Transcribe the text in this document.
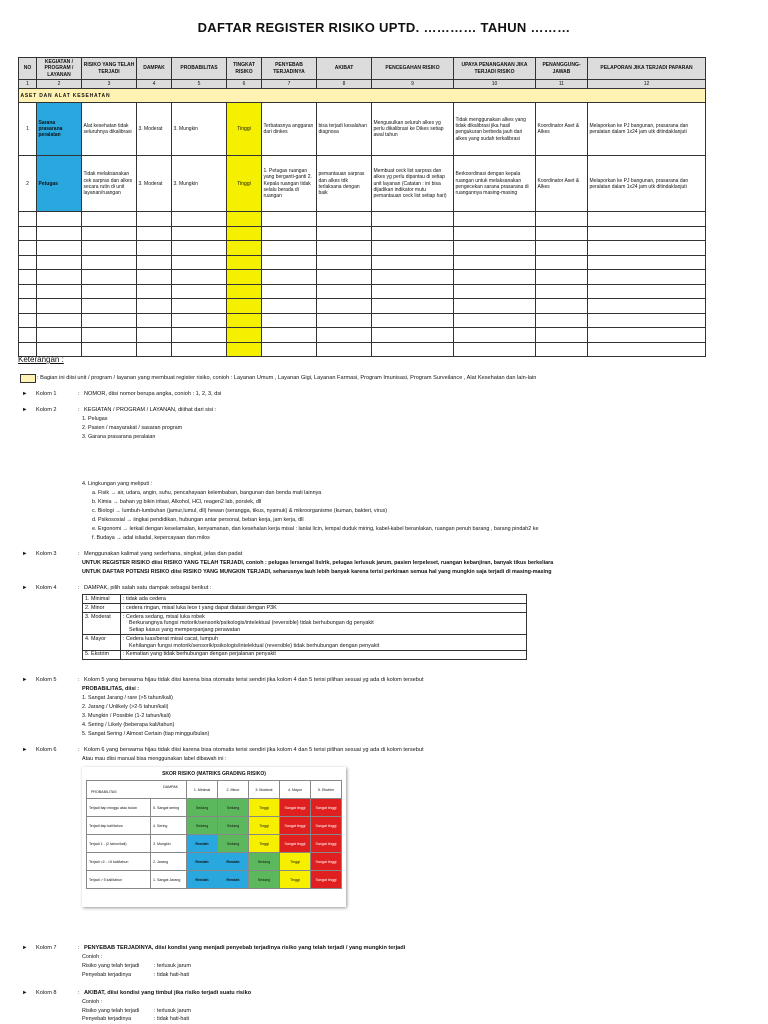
DAFTAR REGISTER RISIKO UPTD. ………… TAHUN ………
NO	KEGIATAN / PROGRAM / LAYANAN	RISIKO YANG TELAH TERJADI	DAMPAK	PROBABILITAS	TINGKAT RISIKO	PENYEBAB TERJADINYA	AKIBAT	PENCEGAHAN RISIKO	UPAYA PENANGANAN JIKA TERJADI RISIKO	PENANGGUNG-JAWAB	PELAPORAN JIKA TERJADI PAPARAN
1	2	3	4	5	6	7	8	9	10	11	12
ASET DAN ALAT KESEHATAN											
1	Sarana prasarana peralatan	Alat kesehatan tidak seluruhnya dikalibrasi	3. Moderat	3. Mungkin	Tinggi	Terbatasnya anggaran dari dinkes	bisa terjadi kesalahan diagnosa	Mengusulkan seluruh alkes yg perlu dikalibrasi ke Dikes setiap awal tahun	Tidak menggunakan alkes yang tidak dikalibrasi jika hasil pengukuran berbeda jauh dari alkes yang sudah terkalibrasi	Koordinator Aset & Alkes	Melaporkan ke PJ bangunan, prasarana dan peralatan dalam 1x24 jam utk ditindaklanjuti
2	Petugas	Tidak melaksanakan cek sarpras dan alkes secara rutin di unit layanan/ruangan	3. Moderat	3. Mungkin	Tinggi	1. Petugas ruangan yang berganti-ganti 2. Kepala ruangan tidak selalu berada di ruangan	pemantauan sarpras dan alkes tdk terlaksana dengan baik	Membuat ceck list sarpras dan alkes yg perlu dipantau di setiap unit layanan (Catatan : ini bisa dijadikan indikator mutu pemantauan ceck list setiap hari)	Berkoordinasi dengan kepala ruangan untuk melaksanakan pengecekan sarana prasarana di ruangannya masing-masing	Koordinator Aset & Alkes	Melaporkan ke PJ bangunan, prasarana dan peralatan dalam 1x24 jam utk ditindaklanjuti

Keterangan :
: Bagian ini diisi unit / program / layanan yang membuat register risiko, conioh : Layanan Umum , Layanan Gigi, Layanan Farmasi, Program Imunisasi, Program Surveilance , Alat Kesehatan dan lain-lain
► Kolom 1	: NOMOR, diisi nomor berupa angka, conioh : 1, 2, 3, dsi
► Kolom 2	: KEGIATAN / PROGRAM / LAYANAN, diiihat dari sisi :
1. Pelugas
2. Pasien / masyarakat / sasaran program
3. Garana prasarana peralaian
4. Lingkungan yang meliputi :
a. Fisik → air, udara, angin, suhu, pencahayaan kelembaban, bangunan dan benda mati lainnya
b. Kimia → bahan yg bikin iritasi, Alkohol, HCl, reagen2 lab, porslek, dll
c. Biologi → lumbuh-lumbuhan (jamur,lumul, dll) hewan (serangga, tikus, nyamuk) & mikroorganisme (kuman, bakteri, virus)
d. Psikososial → iingkai pendidikan, hubungan antar personal, beban kerja, jam kerja, dll
e. Ergonomi → lerkail dengan keselamalan, kenyamanan, dan kesehalan kerja misal : lanlai licin, lempal duduk miring, kabel-kabel beranlakan, ruangan penuh barang , barang pindah2 ke
f. Budaya → adal isliadal, kepercayaan dan milos
► Kolom 3	: Menggunakan kalimat yang sederhana, singkat, jelas dan padat
UNTUK REGISTER RISIKO diisi RISIKO YANG TELAH TERJADI, conioh : pelugas lersengal lislrik, pelugas lerlusuk jarum, pasien lerpeleset, ruangan kebanjiran, banyak tikus berkeliara
UNTUK DAFTAR POTENSI RISIKO diisi RISIKO YANG MUNGKIN TERJADI, seharusnya lauh lebih banyak karena terisi perkiraan semua hal yang mungkin saja terjadi di masing-masing
► Kolom 4	: DAMPAK, pilih salah satu dampak sebagai berikut :
1. Minimal	: tidak ada cedera
2. Minor	: cedera ringan, misal luka lece t yang dapat diatasi dengan P3K
3. Moderat	: Cedera sedang, misal luka robek
Berkurangnya fungsi motorik/sensorik/psikologis/intelektual (reversible) tidak berhubungan dg penyakit
Setiap kasus yang memperpanjang perawatan

4. Mayor	: Cedera luas/berat misal cacat, lumpuh
Kehilangan fungsi motorik/sensorik/psikologis/intelektual (reversible) tidak berhubungan dengan penyakit

5. Ekstrim	: Kematian yang tidak berhubungan dengan perjalanan penyakit
► Kolom 5	: Kolom 5 yang berwarna hijau tidak diisi karena bisa otomatis terisi sendiri jika kolom 4 dan 5 terisi pilihan sesuai yg ada di kolom tersebut
PROBABILITAS, diisi :
1. Sangat Jarang / rare (>5 tahun/kali)
2. Jarang / Unlikely (>2-5 tahun/kali)
3. Mungkin / Possible (1-2 tahun/kali)
4. Sering / Likely (beberapa kali/tahun)
5. Sangat Sering / Almost Certain (tiap minggu/bulan)
► Kolom 6	: Kolom 6 yang berwarna hijau tidak diisi karena bisa otomatis terisi sendiri jika kolom 4 dan 5 terisi pilihan sesuai yg ada di kolom tersebut
Atau mau diisi manual bisa menggunakan label dibawah ini :
SKOR RISIKO (MATRIKS GRADING RISIKO)
DAMPAK
PROBABILITAS		1. Minimal	2. Minor	3. Moderat	4. Mayor	5. Ekstrim
Terjadi tiap minggu atau bulan	5. Sangat sering	Sedang	Sedang	Tinggi	Sangat tinggi	Sangat tinggi
Terjadi tiap kali/tahun	4. Sering	Sedang	Sedang	Tinggi	Sangat tinggi	Sangat tinggi
Terjadi 1 - (2 tahun/kali)	3. Mungkin	Rendah	Sedang	Tinggi	Sangat tinggi	Sangat tinggi
Terjadi >2 - <5 kali/tahun	2. Jarang	Rendah	Rendah	Sedang	Tinggi	Sangat tinggi
Terjadi > 5 kali/tahun	1. Sangat Jarang	Rendah	Rendah	Sedang	Tinggi	Sangat tinggi
► Kolom 7	: PENYEBAB TERJADINYA, diisi kondisi yang menjadi penyebab terjadinya risiko yang telah terjadi / yang mungkin terjadi
Conioh :
Risiko yang telah terjadi	: terlusuk jarum
Penyebab terjadinya	: tidak hati-hati
► Kolom 8	: AKIBAT, diisi kondisi yang timbul jika risiko terjadi suatu risiko
Conioh :
Risiko yang telah terjadi	: terlusuk jarum
Penyebab terjadinya	: tidak hati-hati
